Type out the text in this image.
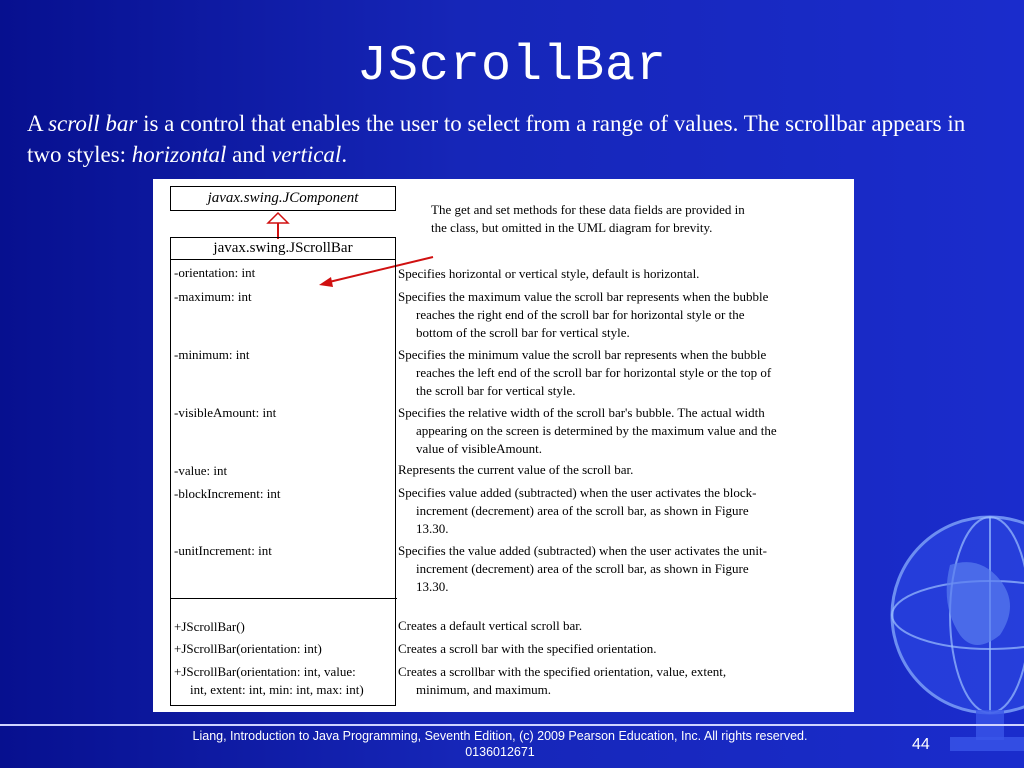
JScrollBar
A scroll bar is a control that enables the user to select from a range of values. The scrollbar appears in two styles: horizontal and vertical.
javax.swing.JComponent
The get and set methods for these data fields are provided in
the class, but omitted in the UML diagram for brevity.
javax.swing.JScrollBar
-orientation: int
-maximum: int
-minimum: int
-visibleAmount: int
-value: int
-blockIncrement: int
-unitIncrement: int
+JScrollBar()
+JScrollBar(orientation: int)
+JScrollBar(orientation: int, value:
int, extent: int, min: int, max: int)
Specifies horizontal or vertical style, default is horizontal.
Specifies the maximum value the scroll bar represents when the bubble
reaches the right end of the scroll bar for horizontal style or the
bottom of the scroll bar for vertical style.
Specifies the minimum value the scroll bar represents when the bubble
reaches the left end of the scroll bar for horizontal style or the top of
the scroll bar for vertical style.
Specifies the relative width of the scroll bar's bubble. The actual width
appearing on the screen is determined by the maximum value and the
value of visibleAmount.
Represents the current value of the scroll bar.
Specifies value added (subtracted) when the user activates the block-
increment (decrement) area of the scroll bar, as shown in Figure
13.30.
Specifies the value added (subtracted) when the user activates the unit-
increment (decrement) area of the scroll bar, as shown in Figure
13.30.
Creates a default vertical scroll bar.
Creates a scroll bar with the specified orientation.
Creates a scrollbar with the specified orientation, value, extent,
minimum, and maximum.
Liang, Introduction to Java Programming, Seventh Edition, (c) 2009 Pearson Education, Inc. All rights reserved. 0136012671	44
